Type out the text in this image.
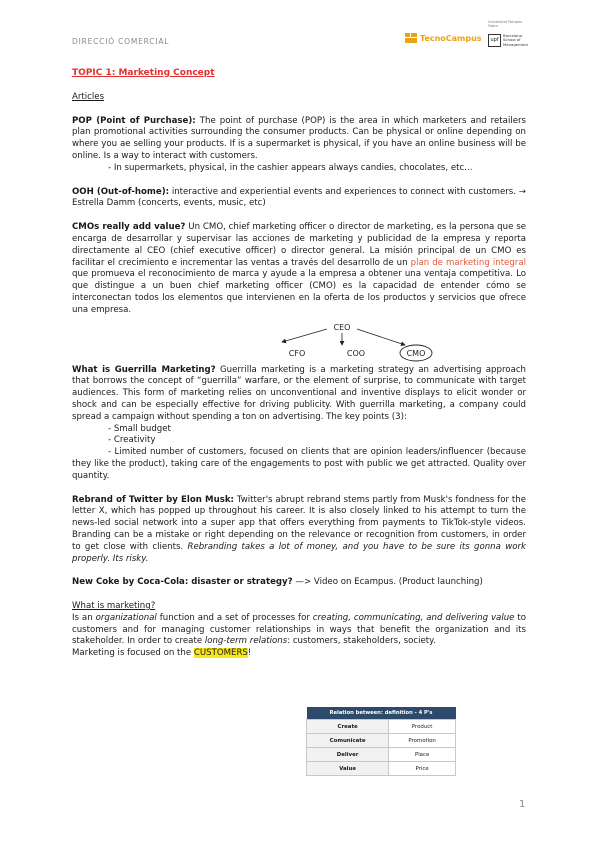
DIRECCIÓ COMERCIAL	TecnoCampus
Universitat Pompeu Fabra
upf
Barcelona
School of
Management

TOPIC 1: Marketing Concept

Articles

POP (Point of Purchase): The point of purchase (POP) is the area in which marketers and retailers plan promotional activities surrounding the consumer products. Can be physical or online depending on where you ae selling your products. If is a supermarket is physical, if you have an online business will be online. Is a way to interact with customers.

- In supermarkets, physical, in the cashier appears always candies, chocolates, etc...

OOH (Out-of-home): interactive and experiential events and experiences to connect with customers. → Estrella Damm (concerts, events, music, etc)

CMOs really add value? Un CMO, chief marketing officer o director de marketing, es la persona que se encarga de desarrollar y supervisar las acciones de marketing y publicidad de la empresa y reporta directamente al CEO (chief executive officer) o director general. La misión principal de un CMO es facilitar el crecimiento e incrementar las ventas a través del desarrollo de un plan de marketing integral que promueva el reconocimiento de marca y ayude a la empresa a obtener una ventaja competitiva. Lo que distingue a un buen chief marketing officer (CMO) es la capacidad de entender cómo se interconectan todos los elementos que intervienen en la oferta de los productos y servicios que ofrece una empresa.

CEO
CFO	COO	CMO

What is Guerrilla Marketing? Guerrilla marketing is a marketing strategy an advertising approach that borrows the concept of “guerrilla” warfare, or the element of surprise, to communicate with target audiences. This form of marketing relies on unconventional and inventive displays to elicit wonder or shock and can be especially effective for driving publicity. With guerrilla marketing, a company could spread a campaign without spending a ton on advertising. The key points (3):

- Small budget

- Creativity

- Limited number of customers, focused on clients that are opinion leaders/influencer (because they like the product), taking care of the engagements to post with public we get attracted. Quality over quantity.

Rebrand of Twitter by Elon Musk: Twitter's abrupt rebrand stems partly from Musk's fondness for the letter X, which has popped up throughout his career. It is also closely linked to his attempt to turn the news-led social network into a super app that offers everything from payments to TikTok-style videos. Branding can be a mistake or right depending on the relevance or recognition from customers, in order to get close with clients. Rebranding takes a lot of money, and you have to be sure its gonna work properly. Its risky.

New Coke by Coca-Cola: disaster or strategy? —> Video on Ecampus. (Product launching)

What is marketing?

Is an organizational function and a set of processes for creating, communicating, and delivering value to customers and for managing customer relationships in ways that benefit the organization and its stakeholder. In order to create long-term relations: customers, stakeholders, society.

Marketing is focused on the CUSTOMERS!

Relation between: definition - 4 P's	
Create	Product
Comunicate	Promotion
Deliver	Place
Value	Price
1
